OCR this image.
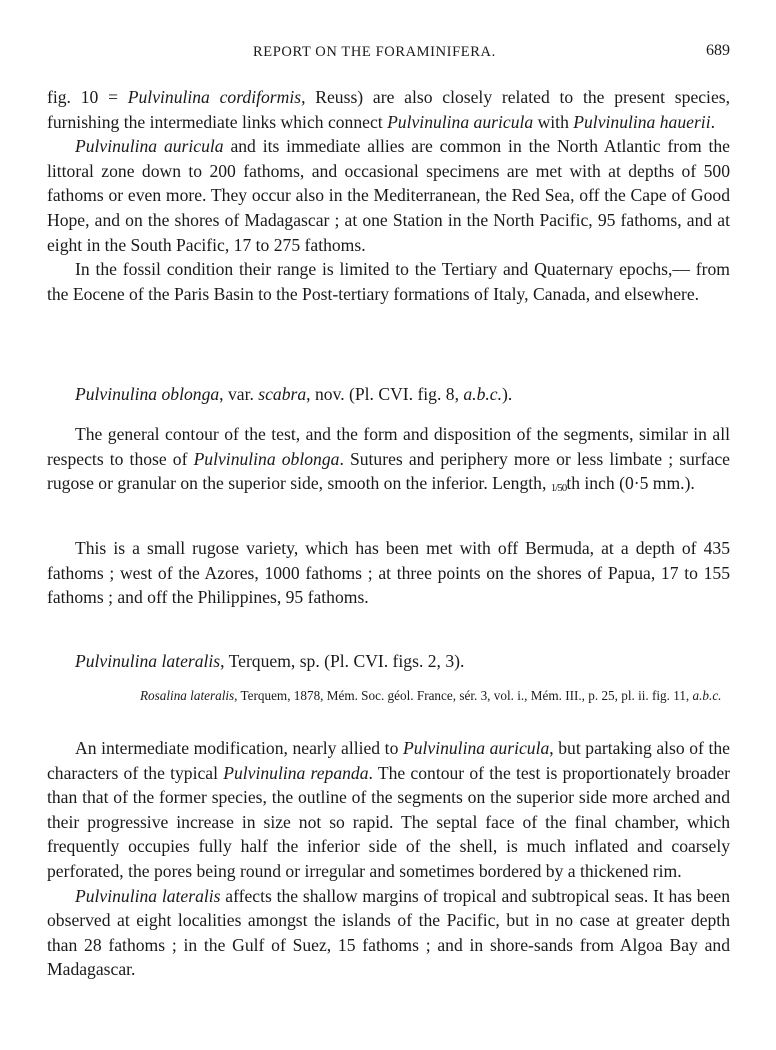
REPORT ON THE FORAMINIFERA.	689

fig. 10 = Pulvinulina cordiformis, Reuss) are also closely related to the present species, furnishing the intermediate links which connect Pulvinulina auricula with Pulvinulina hauerii.

Pulvinulina auricula and its immediate allies are common in the North Atlantic from the littoral zone down to 200 fathoms, and occasional specimens are met with at depths of 500 fathoms or even more. They occur also in the Mediterranean, the Red Sea, off the Cape of Good Hope, and on the shores of Madagascar ; at one Station in the North Pacific, 95 fathoms, and at eight in the South Pacific, 17 to 275 fathoms.

In the fossil condition their range is limited to the Tertiary and Quaternary epochs,— from the Eocene of the Paris Basin to the Post-tertiary formations of Italy, Canada, and elsewhere.

Pulvinulina oblonga, var. scabra, nov. (Pl. CVI. fig. 8, a.b.c.).

The general contour of the test, and the form and disposition of the segments, similar in all respects to those of Pulvinulina oblonga. Sutures and periphery more or less limbate ; surface rugose or granular on the superior side, smooth on the inferior. Length, 1/50th inch (0·5 mm.).

This is a small rugose variety, which has been met with off Bermuda, at a depth of 435 fathoms ; west of the Azores, 1000 fathoms ; at three points on the shores of Papua, 17 to 155 fathoms ; and off the Philippines, 95 fathoms.

Pulvinulina lateralis, Terquem, sp. (Pl. CVI. figs. 2, 3).
Rosalina lateralis, Terquem, 1878, Mém. Soc. géol. France, sér. 3, vol. i., Mém. III., p. 25, pl. ii. fig. 11, a.b.c.

An intermediate modification, nearly allied to Pulvinulina auricula, but partaking also of the characters of the typical Pulvinulina repanda. The contour of the test is proportionately broader than that of the former species, the outline of the segments on the superior side more arched and their progressive increase in size not so rapid. The septal face of the final chamber, which frequently occupies fully half the inferior side of the shell, is much inflated and coarsely perforated, the pores being round or irregular and sometimes bordered by a thickened rim.

Pulvinulina lateralis affects the shallow margins of tropical and subtropical seas. It has been observed at eight localities amongst the islands of the Pacific, but in no case at greater depth than 28 fathoms ; in the Gulf of Suez, 15 fathoms ; and in shore-sands from Algoa Bay and Madagascar.
